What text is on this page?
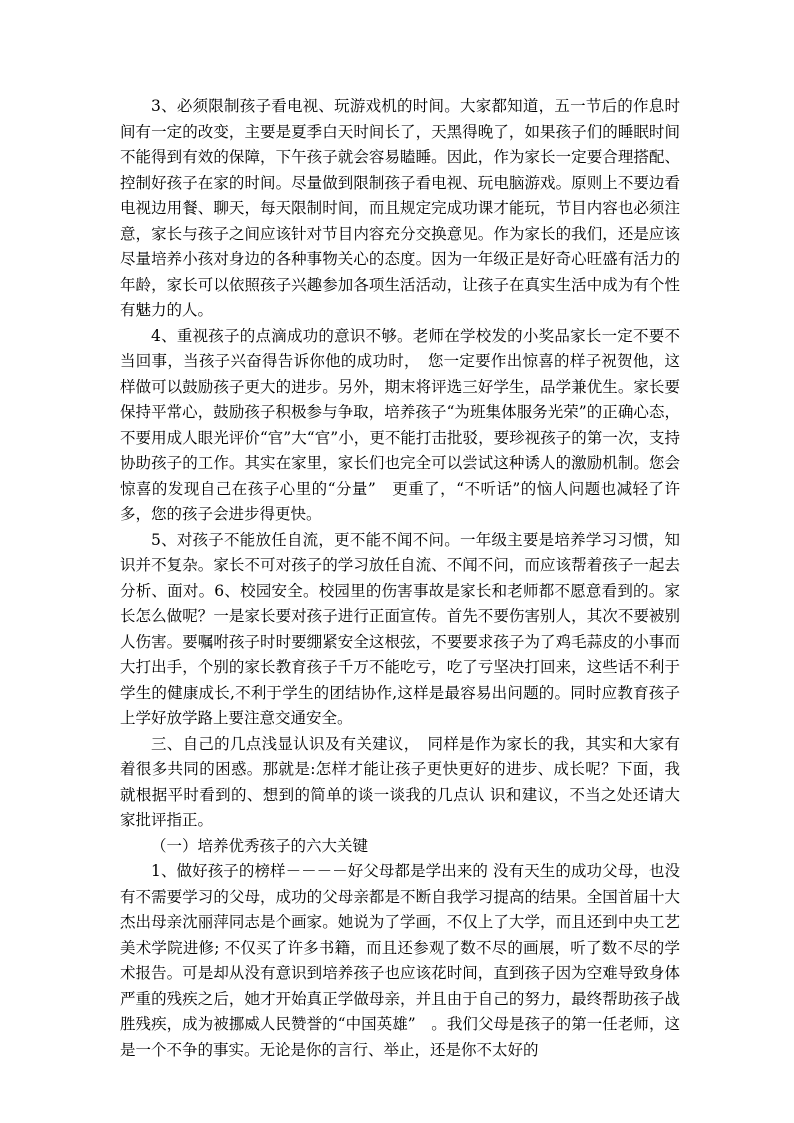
3、必须限制孩子看电视、玩游戏机的时间。大家都知道，五一节后的作息时间有一定的改变，主要是夏季白天时间长了，天黑得晚了，如果孩子们的睡眠时间不能得到有效的保障，下午孩子就会容易瞌睡。因此，作为家长一定要合理搭配、控制好孩子在家的时间。尽量做到限制孩子看电视、玩电脑游戏。原则上不要边看电视边用餐、聊天，每天限制时间，而且规定完成功课才能玩，节目内容也必须注意，家长与孩子之间应该针对节目内容充分交换意见。作为家长的我们，还是应该尽量培养小孩对身边的各种事物关心的态度。因为一年级正是好奇心旺盛有活力的年龄，家长可以依照孩子兴趣参加各项生活活动，让孩子在真实生活中成为有个性有魅力的人。

4、重视孩子的点滴成功的意识不够。老师在学校发的小奖品家长一定不要不当回事，当孩子兴奋得告诉你他的成功时，　您一定要作出惊喜的样子祝贺他，这样做可以鼓励孩子更大的进步。另外，期末将评选三好学生，品学兼优生。家长要保持平常心，鼓励孩子积极参与争取，培养孩子“为班集体服务光荣”的正确心态，不要用成人眼光评价“官”大“官”小，更不能打击批驳，要珍视孩子的第一次，支持协助孩子的工作。其实在家里，家长们也完全可以尝试这种诱人的激励机制。您会惊喜的发现自己在孩子心里的“分量”　更重了，“不听话”的恼人问题也减轻了许多，您的孩子会进步得更快。

5、对孩子不能放任自流，更不能不闻不问。一年级主要是培养学习习惯，知识并不复杂。家长不可对孩子的学习放任自流、不闻不问，而应该帮着孩子一起去分析、面对。6、校园安全。校园里的伤害事故是家长和老师都不愿意看到的。家长怎么做呢？一是家长要对孩子进行正面宣传。首先不要伤害别人，其次不要被别人伤害。要嘱咐孩子时时要绷紧安全这根弦，不要要求孩子为了鸡毛蒜皮的小事而大打出手，个别的家长教育孩子千万不能吃亏，吃了亏坚决打回来，这些话不利于学生的健康成长,不利于学生的团结协作,这样是最容易出问题的。同时应教育孩子上学好放学路上要注意交通安全。

三、自己的几点浅显认识及有关建议，　同样是作为家长的我，其实和大家有着很多共同的困惑。那就是:怎样才能让孩子更快更好的进步、成长呢？下面，我就根据平时看到的、想到的简单的谈一谈我的几点认 识和建议，不当之处还请大家批评指正。

（一）培养优秀孩子的六大关键

1、做好孩子的榜样－－－－好父母都是学出来的 没有天生的成功父母，也没有不需要学习的父母，成功的父母亲都是不断自我学习提高的结果。全国首届十大杰出母亲沈丽萍同志是个画家。她说为了学画，不仅上了大学，而且还到中央工艺美术学院进修; 不仅买了许多书籍，而且还参观了数不尽的画展，听了数不尽的学术报告。可是却从没有意识到培养孩子也应该花时间，直到孩子因为空难导致身体严重的残疾之后，她才开始真正学做母亲，并且由于自己的努力，最终帮助孩子战胜残疾，成为被挪威人民赞誉的“中国英雄”　。我们父母是孩子的第一任老师，这是一个不争的事实。无论是你的言行、举止，还是你不太好的
